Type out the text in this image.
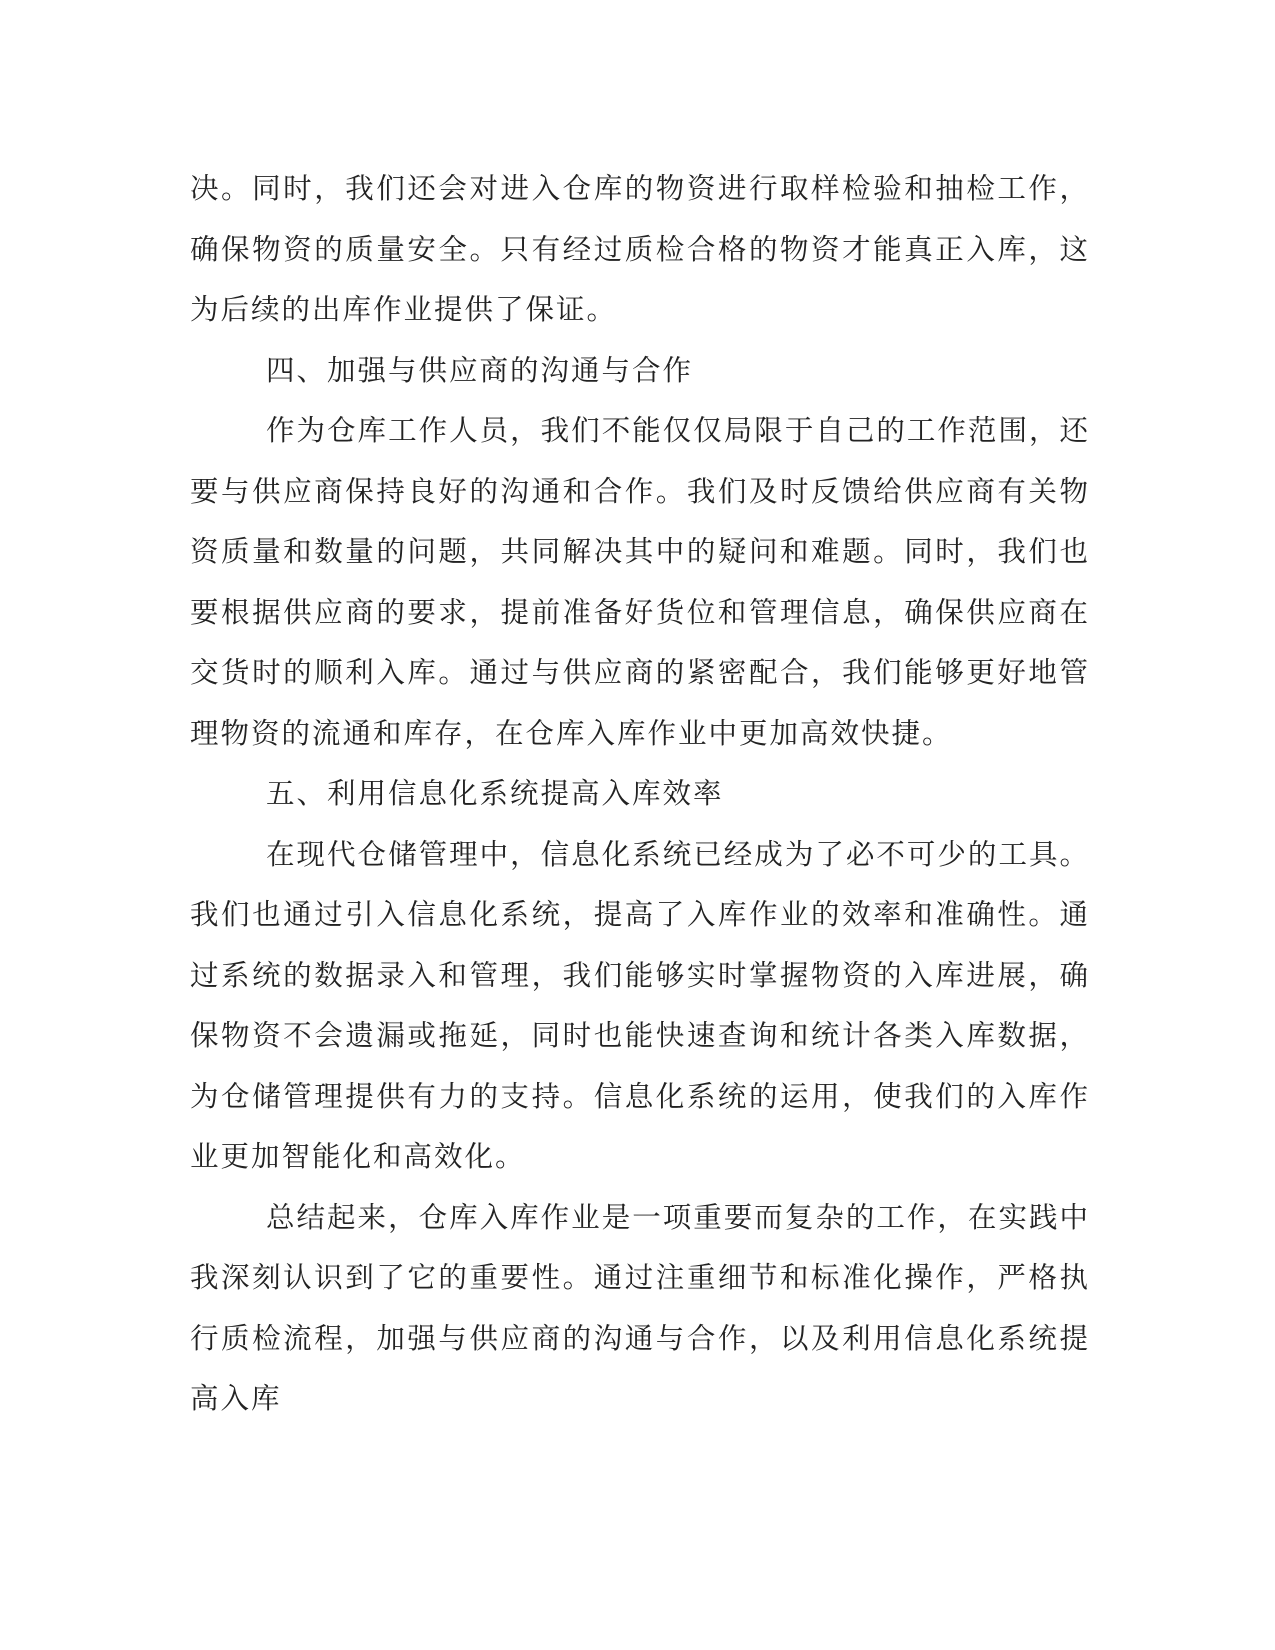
决。同时，我们还会对进入仓库的物资进行取样检验和抽检工作，确保物资的质量安全。只有经过质检合格的物资才能真正入库，这为后续的出库作业提供了保证。

四、加强与供应商的沟通与合作

作为仓库工作人员，我们不能仅仅局限于自己的工作范围，还要与供应商保持良好的沟通和合作。我们及时反馈给供应商有关物资质量和数量的问题，共同解决其中的疑问和难题。同时，我们也要根据供应商的要求，提前准备好货位和管理信息，确保供应商在交货时的顺利入库。通过与供应商的紧密配合，我们能够更好地管理物资的流通和库存，在仓库入库作业中更加高效快捷。

五、利用信息化系统提高入库效率

在现代仓储管理中，信息化系统已经成为了必不可少的工具。我们也通过引入信息化系统，提高了入库作业的效率和准确性。通过系统的数据录入和管理，我们能够实时掌握物资的入库进展，确保物资不会遗漏或拖延，同时也能快速查询和统计各类入库数据，为仓储管理提供有力的支持。信息化系统的运用，使我们的入库作业更加智能化和高效化。

总结起来，仓库入库作业是一项重要而复杂的工作，在实践中我深刻认识到了它的重要性。通过注重细节和标准化操作，严格执行质检流程，加强与供应商的沟通与合作，以及利用信息化系统提高入库
